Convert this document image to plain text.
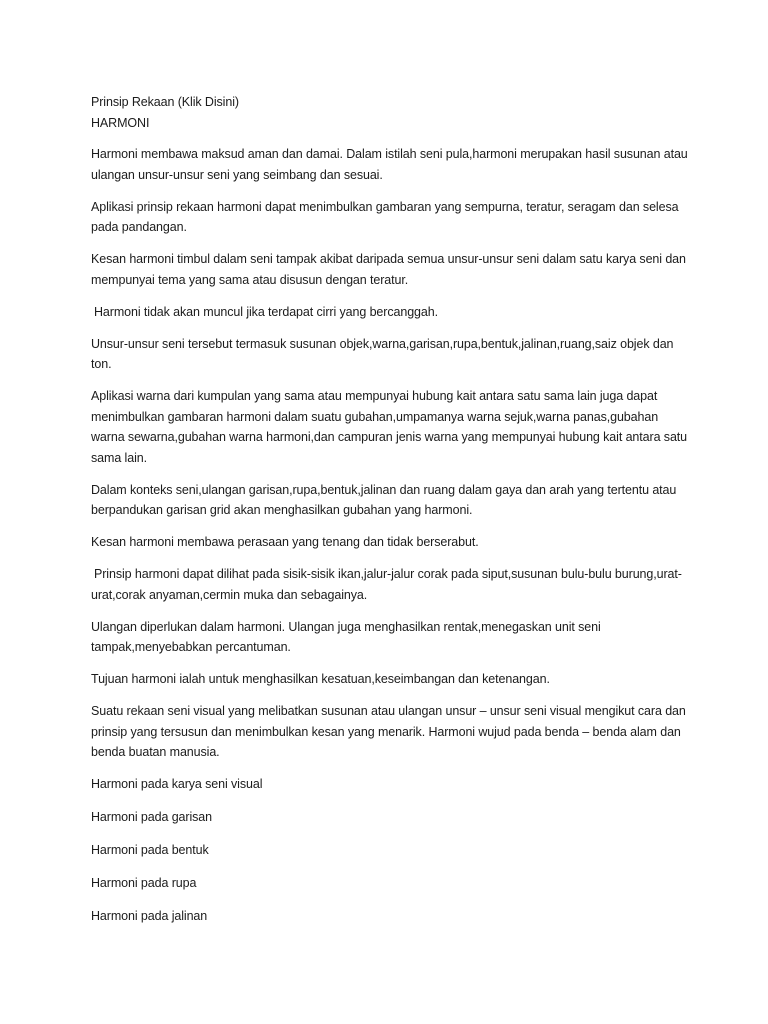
Prinsip Rekaan (Klik Disini)

HARMONI

Harmoni membawa maksud aman dan damai. Dalam istilah seni pula,harmoni merupakan hasil susunan atau ulangan unsur-unsur seni yang seimbang dan sesuai.

Aplikasi prinsip rekaan harmoni dapat menimbulkan gambaran yang sempurna, teratur, seragam dan selesa pada pandangan.

Kesan harmoni timbul dalam seni tampak akibat daripada semua unsur-unsur seni dalam satu karya seni dan mempunyai tema yang sama atau disusun dengan teratur.

Harmoni tidak akan muncul jika terdapat cirri yang bercanggah.

Unsur-unsur seni tersebut termasuk susunan objek,warna,garisan,rupa,bentuk,jalinan,ruang,saiz objek dan ton.

Aplikasi warna dari kumpulan yang sama atau mempunyai hubung kait antara satu sama lain juga dapat menimbulkan gambaran harmoni dalam suatu gubahan,umpamanya warna sejuk,warna panas,gubahan warna sewarna,gubahan warna harmoni,dan campuran jenis warna yang mempunyai hubung kait antara satu sama lain.

Dalam konteks seni,ulangan garisan,rupa,bentuk,jalinan dan ruang dalam gaya dan arah yang tertentu atau berpandukan garisan grid akan menghasilkan gubahan yang harmoni.

Kesan harmoni membawa perasaan yang tenang dan tidak berserabut.

Prinsip harmoni dapat dilihat pada sisik-sisik ikan,jalur-jalur corak pada siput,susunan bulu-bulu burung,urat-urat,corak anyaman,cermin muka dan sebagainya.

Ulangan diperlukan dalam harmoni. Ulangan juga menghasilkan rentak,menegaskan unit seni tampak,menyebabkan percantuman.

Tujuan harmoni ialah untuk menghasilkan kesatuan,keseimbangan dan ketenangan.

Suatu rekaan seni visual yang melibatkan susunan atau ulangan unsur – unsur seni visual mengikut cara dan prinsip yang tersusun dan menimbulkan kesan yang menarik. Harmoni wujud pada benda – benda alam dan benda buatan manusia.

Harmoni pada karya seni visual

Harmoni pada garisan

Harmoni pada bentuk

Harmoni pada rupa

Harmoni pada jalinan
